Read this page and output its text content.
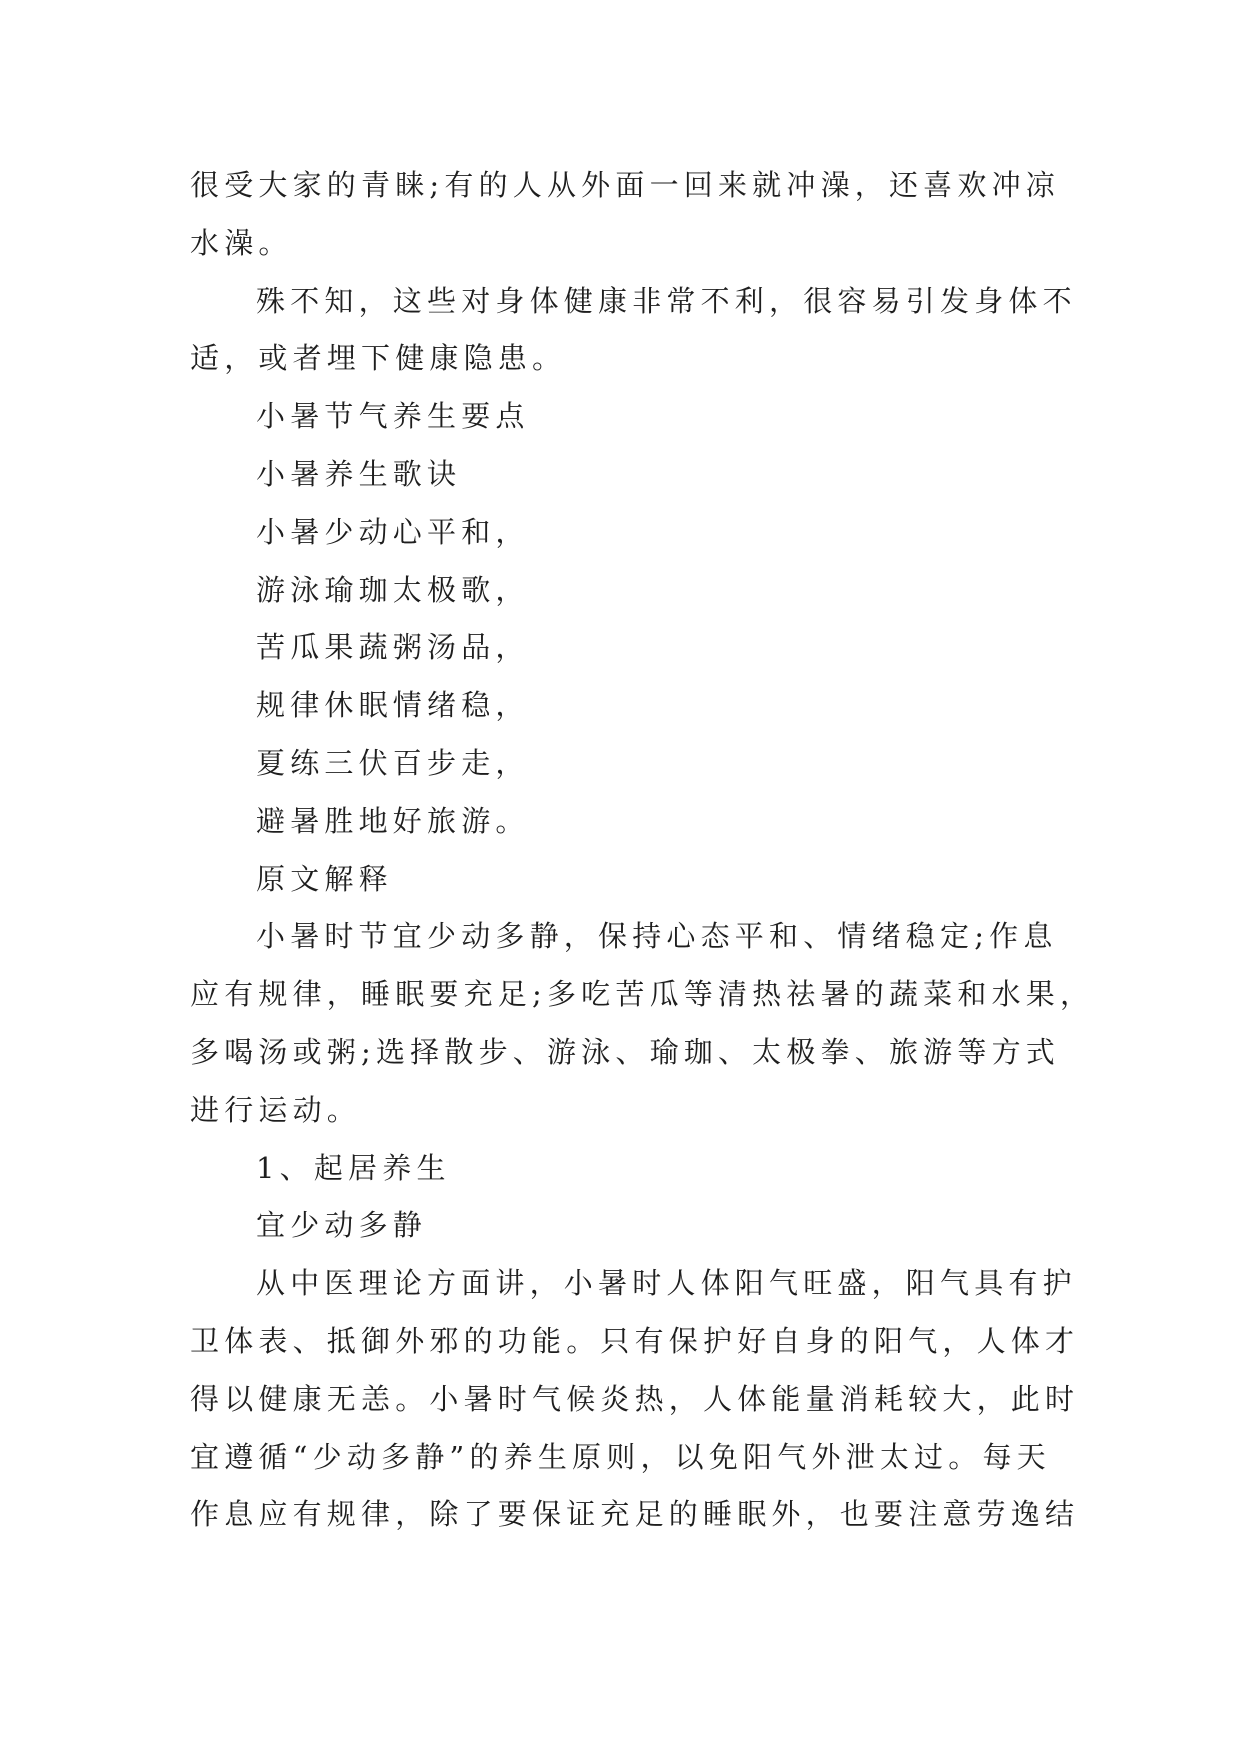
很受大家的青睐;有的人从外面一回来就冲澡，还喜欢冲凉
水澡。
殊不知，这些对身体健康非常不利，很容易引发身体不
适，或者埋下健康隐患。
小暑节气养生要点
小暑养生歌诀
小暑少动心平和，
游泳瑜珈太极歌，
苦瓜果蔬粥汤品，
规律休眠情绪稳，
夏练三伏百步走，
避暑胜地好旅游。
原文解释
小暑时节宜少动多静，保持心态平和、情绪稳定;作息
应有规律，睡眠要充足;多吃苦瓜等清热祛暑的蔬菜和水果，
多喝汤或粥;选择散步、游泳、瑜珈、太极拳、旅游等方式
进行运动。
1、起居养生
宜少动多静
从中医理论方面讲，小暑时人体阳气旺盛，阳气具有护
卫体表、抵御外邪的功能。只有保护好自身的阳气，人体才
得以健康无恙。小暑时气候炎热，人体能量消耗较大，此时
宜遵循“少动多静”的养生原则，以免阳气外泄太过。每天
作息应有规律，除了要保证充足的睡眠外，也要注意劳逸结
